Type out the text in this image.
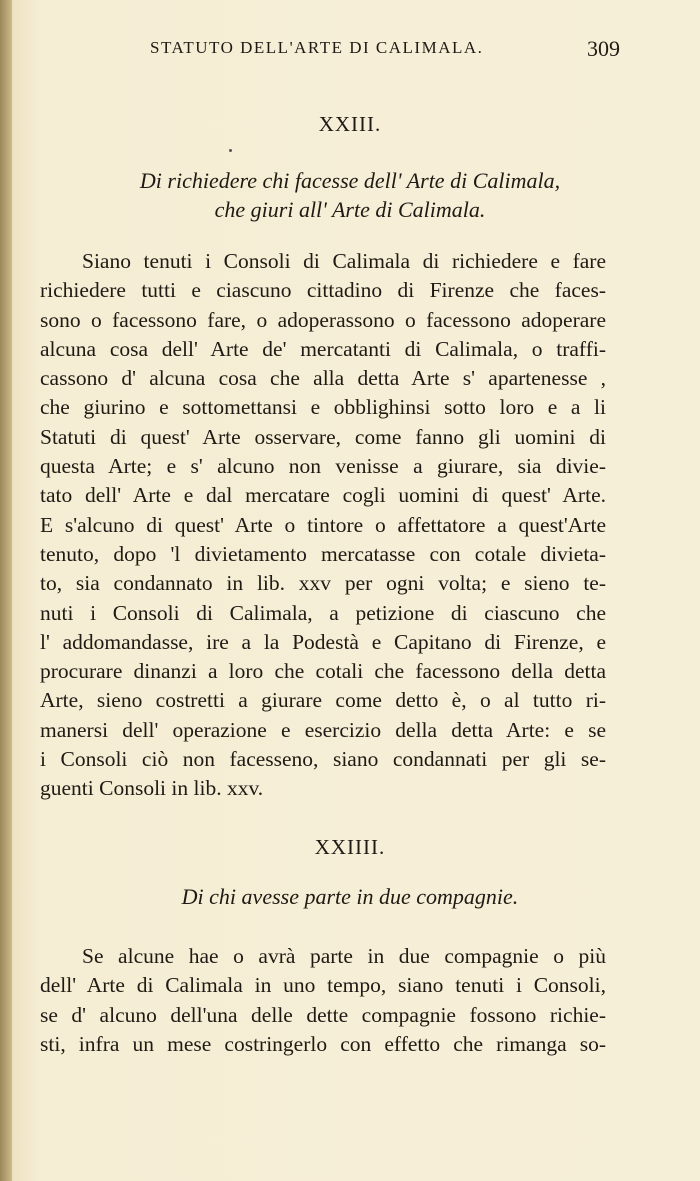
STATUTO DELL'ARTE DI CALIMALA.	309
XXIII.
Di richiedere chi facesse dell' Arte di Calimala,
che giuri all' Arte di Calimala.
Siano tenuti i Consoli di Calimala di richiedere e fare
richiedere tutti e ciascuno cittadino di Firenze che faces-
sono o facessono fare, o adoperassono o facessono adoperare
alcuna cosa dell' Arte de' mercatanti di Calimala, o traffi-
cassono d' alcuna cosa che alla detta Arte s' apartenesse ,
che giurino e sottomettansi e obblighinsi sotto loro e a li
Statuti di quest' Arte osservare, come fanno gli uomini di
questa Arte; e s' alcuno non venisse a giurare, sia divie-
tato dell' Arte e dal mercatare cogli uomini di quest' Arte.
E s'alcuno di quest' Arte o tintore o affettatore a quest'Arte
tenuto, dopo 'l divietamento mercatasse con cotale divieta-
to, sia condannato in lib. xxv per ogni volta; e sieno te-
nuti i Consoli di Calimala, a petizione di ciascuno che
l' addomandasse, ire a la Podestà e Capitano di Firenze, e
procurare dinanzi a loro che cotali che facessono della detta
Arte, sieno costretti a giurare come detto è, o al tutto ri-
manersi dell' operazione e esercizio della detta Arte: e se
i Consoli ciò non facesseno, siano condannati per gli se-
guenti Consoli in lib. xxv.
XXIIII.
Di chi avesse parte in due compagnie.
Se alcune hae o avrà parte in due compagnie o più
dell' Arte di Calimala in uno tempo, siano tenuti i Consoli,
se d' alcuno dell'una delle dette compagnie fossono richie-
sti, infra un mese costringerlo con effetto che rimanga so-
